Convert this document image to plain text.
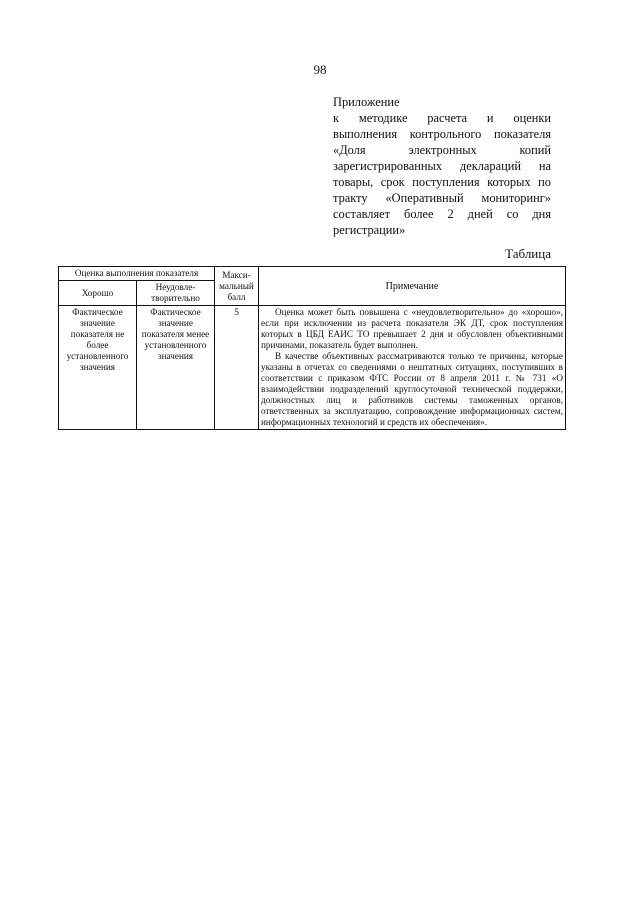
98
Приложение
к методике расчета и оценки
выполнения контрольного показателя
«Доля электронных копий
зарегистрированных деклараций на
товары, срок поступления которых по
тракту «Оперативный мониторинг»
составляет более 2 дней со дня
регистрации»
Таблица
Оценка выполнения показателя		Макси-мальный балл	Примечание
Хорошо	Неудовле-творительно		
Фактическое значение показателя не более установленного значения	Фактическое значение показателя менее установленного значения	5	Оценка может быть повышена с «неудовлетворительно» до «хорошо», если при исключении из расчета показателя ЭК ДТ, срок поступления которых в ЦБД ЕАИС ТО превышает 2 дня и обусловлен объективными причинами, показатель будет выполнен.

В качестве объективных рассматриваются только те причины, которые указаны в отчетах со сведениями о нештатных ситуациях, поступивших в соответствии с приказом ФТС России от 8 апреля 2011 г. № 731 «О взаимодействии подразделений круглосуточной технической поддержки, должностных лиц и работников системы таможенных органов, ответственных за эксплуатацию, сопровождение информационных систем, информационных технологий и средств их обеспечения».
